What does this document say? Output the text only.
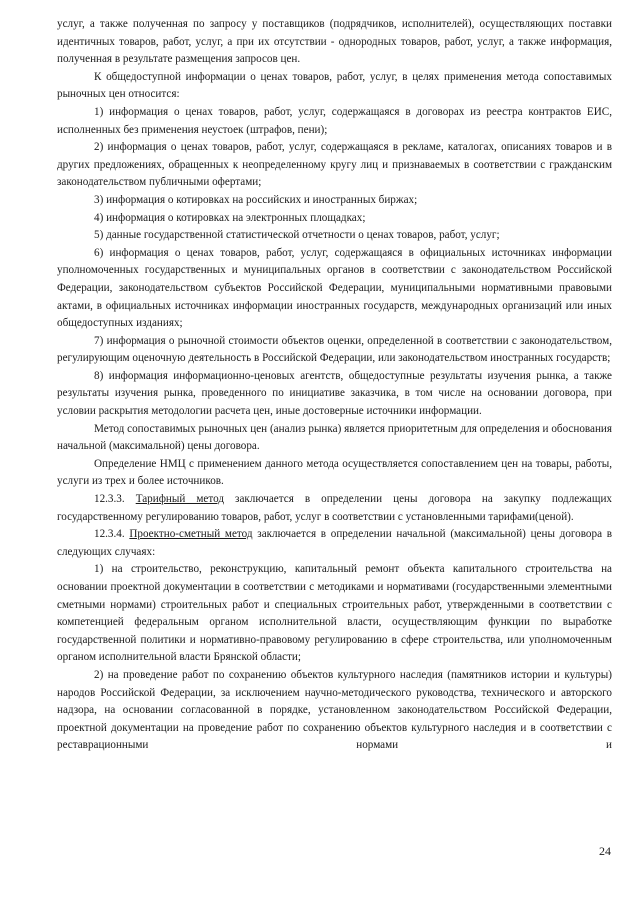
услуг, а также полученная по запросу у поставщиков (подрядчиков, исполнителей), осуществляющих поставки идентичных товаров, работ, услуг, а при их отсутствии - однородных товаров, работ, услуг, а также информация, полученная в результате размещения запросов цен.

К общедоступной информации о ценах товаров, работ, услуг, в целях применения метода сопоставимых рыночных цен относится:

1) информация о ценах товаров, работ, услуг, содержащаяся в договорах из реестра контрактов ЕИС, исполненных без применения неустоек (штрафов, пени);

2) информация о ценах товаров, работ, услуг, содержащаяся в рекламе, каталогах, описаниях товаров и в других предложениях, обращенных к неопределенному кругу лиц и признаваемых в соответствии с гражданским законодательством публичными офертами;

3) информация о котировках на российских и иностранных биржах;

4) информация о котировках на электронных площадках;

5) данные государственной статистической отчетности о ценах товаров, работ, услуг;

6) информация о ценах товаров, работ, услуг, содержащаяся в официальных источниках информации уполномоченных государственных и муниципальных органов в соответствии с законодательством Российской Федерации, законодательством субъектов Российской Федерации, муниципальными нормативными правовыми актами, в официальных источниках информации иностранных государств, международных организаций или иных общедоступных изданиях;

7) информация о рыночной стоимости объектов оценки, определенной в соответствии с законодательством, регулирующим оценочную деятельность в Российской Федерации, или законодательством иностранных государств;

8) информация информационно-ценовых агентств, общедоступные результаты изучения рынка, а также результаты изучения рынка, проведенного по инициативе заказчика, в том числе на основании договора, при условии раскрытия методологии расчета цен, иные достоверные источники информации.

Метод сопоставимых рыночных цен (анализ рынка) является приоритетным для определения и обоснования начальной (максимальной) цены договора.

Определение НМЦ с применением данного метода осуществляется сопоставлением цен на товары, работы, услуги из трех и более источников.

12.3.3. Тарифный метод заключается в определении цены договора на закупку подлежащих государственному регулированию товаров, работ, услуг в соответствии с установленными тарифами(ценой).

12.3.4. Проектно-сметный метод заключается в определении начальной (максимальной) цены договора в следующих случаях:

1) на строительство, реконструкцию, капитальный ремонт объекта капитального строительства на основании проектной документации в соответствии с методиками и нормативами (государственными элементными сметными нормами) строительных работ и специальных строительных работ, утвержденными в соответствии с компетенцией федеральным органом исполнительной власти, осуществляющим функции по выработке государственной политики и нормативно-правовому регулированию в сфере строительства, или уполномоченным органом исполнительной власти Брянской области;

2) на проведение работ по сохранению объектов культурного наследия (памятников истории и культуры) народов Российской Федерации, за исключением научно-методического руководства, технического и авторского надзора, на основании согласованной в порядке, установленном законодательством Российской Федерации, проектной документации на проведение работ по сохранению объектов культурного наследия и в соответствии с реставрационными нормами и

24
